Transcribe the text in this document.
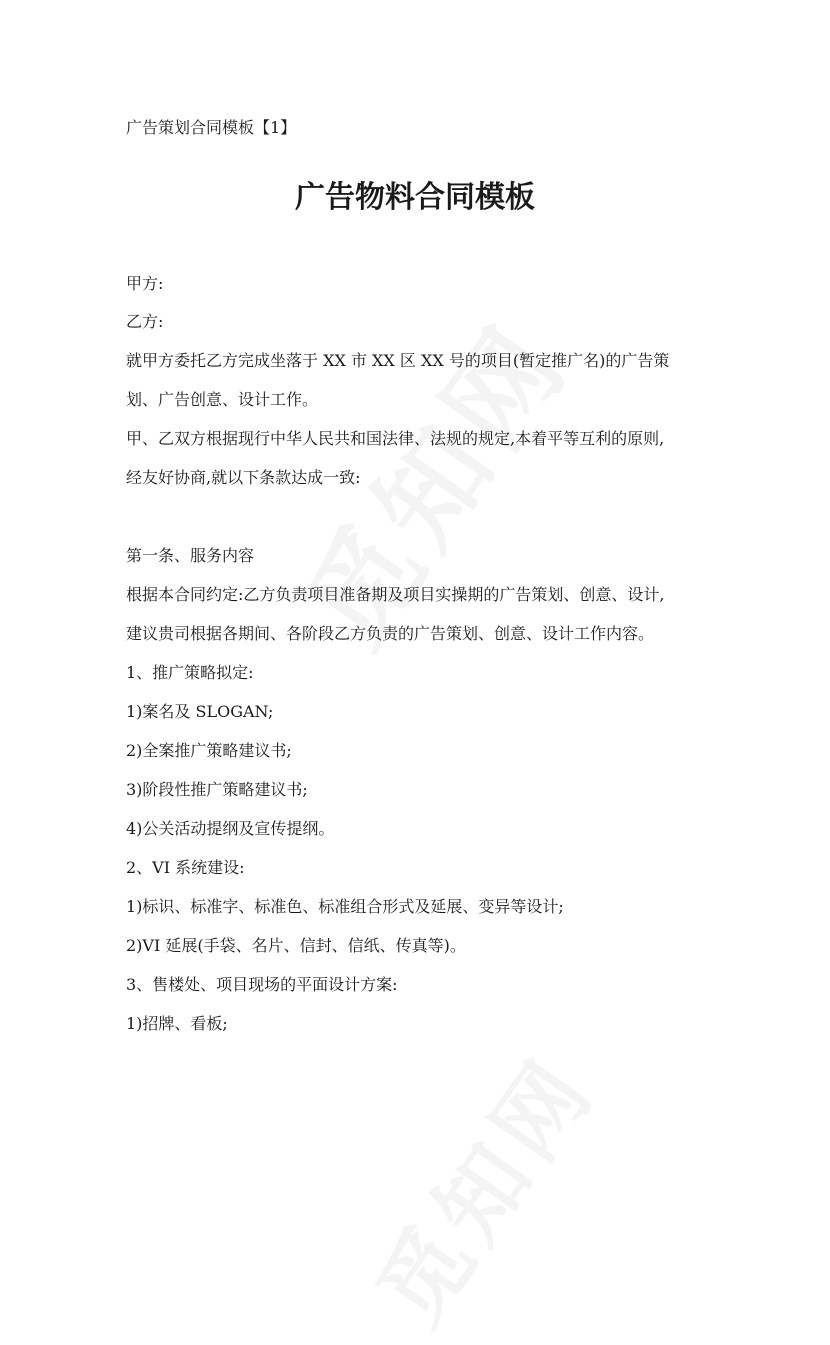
广告策划合同模板【1】
广告物料合同模板
甲方:
乙方:
就甲方委托乙方完成坐落于 XX 市 XX 区 XX 号的项目(暂定推广名)的广告策
划、广告创意、设计工作。
甲、乙双方根据现行中华人民共和国法律、法规的规定,本着平等互利的原则,
经友好协商,就以下条款达成一致:
第一条、服务内容
根据本合同约定:乙方负责项目准备期及项目实操期的广告策划、创意、设计,
建议贵司根据各期间、各阶段乙方负责的广告策划、创意、设计工作内容。
1、推广策略拟定:
1)案名及 SLOGAN;
2)全案推广策略建议书;
3)阶段性推广策略建议书;
4)公关活动提纲及宣传提纲。
2、VI 系统建设:
1)标识、标准字、标准色、标准组合形式及延展、变异等设计;
2)VI 延展(手袋、名片、信封、信纸、传真等)。
3、售楼处、项目现场的平面设计方案:
1)招牌、看板;
